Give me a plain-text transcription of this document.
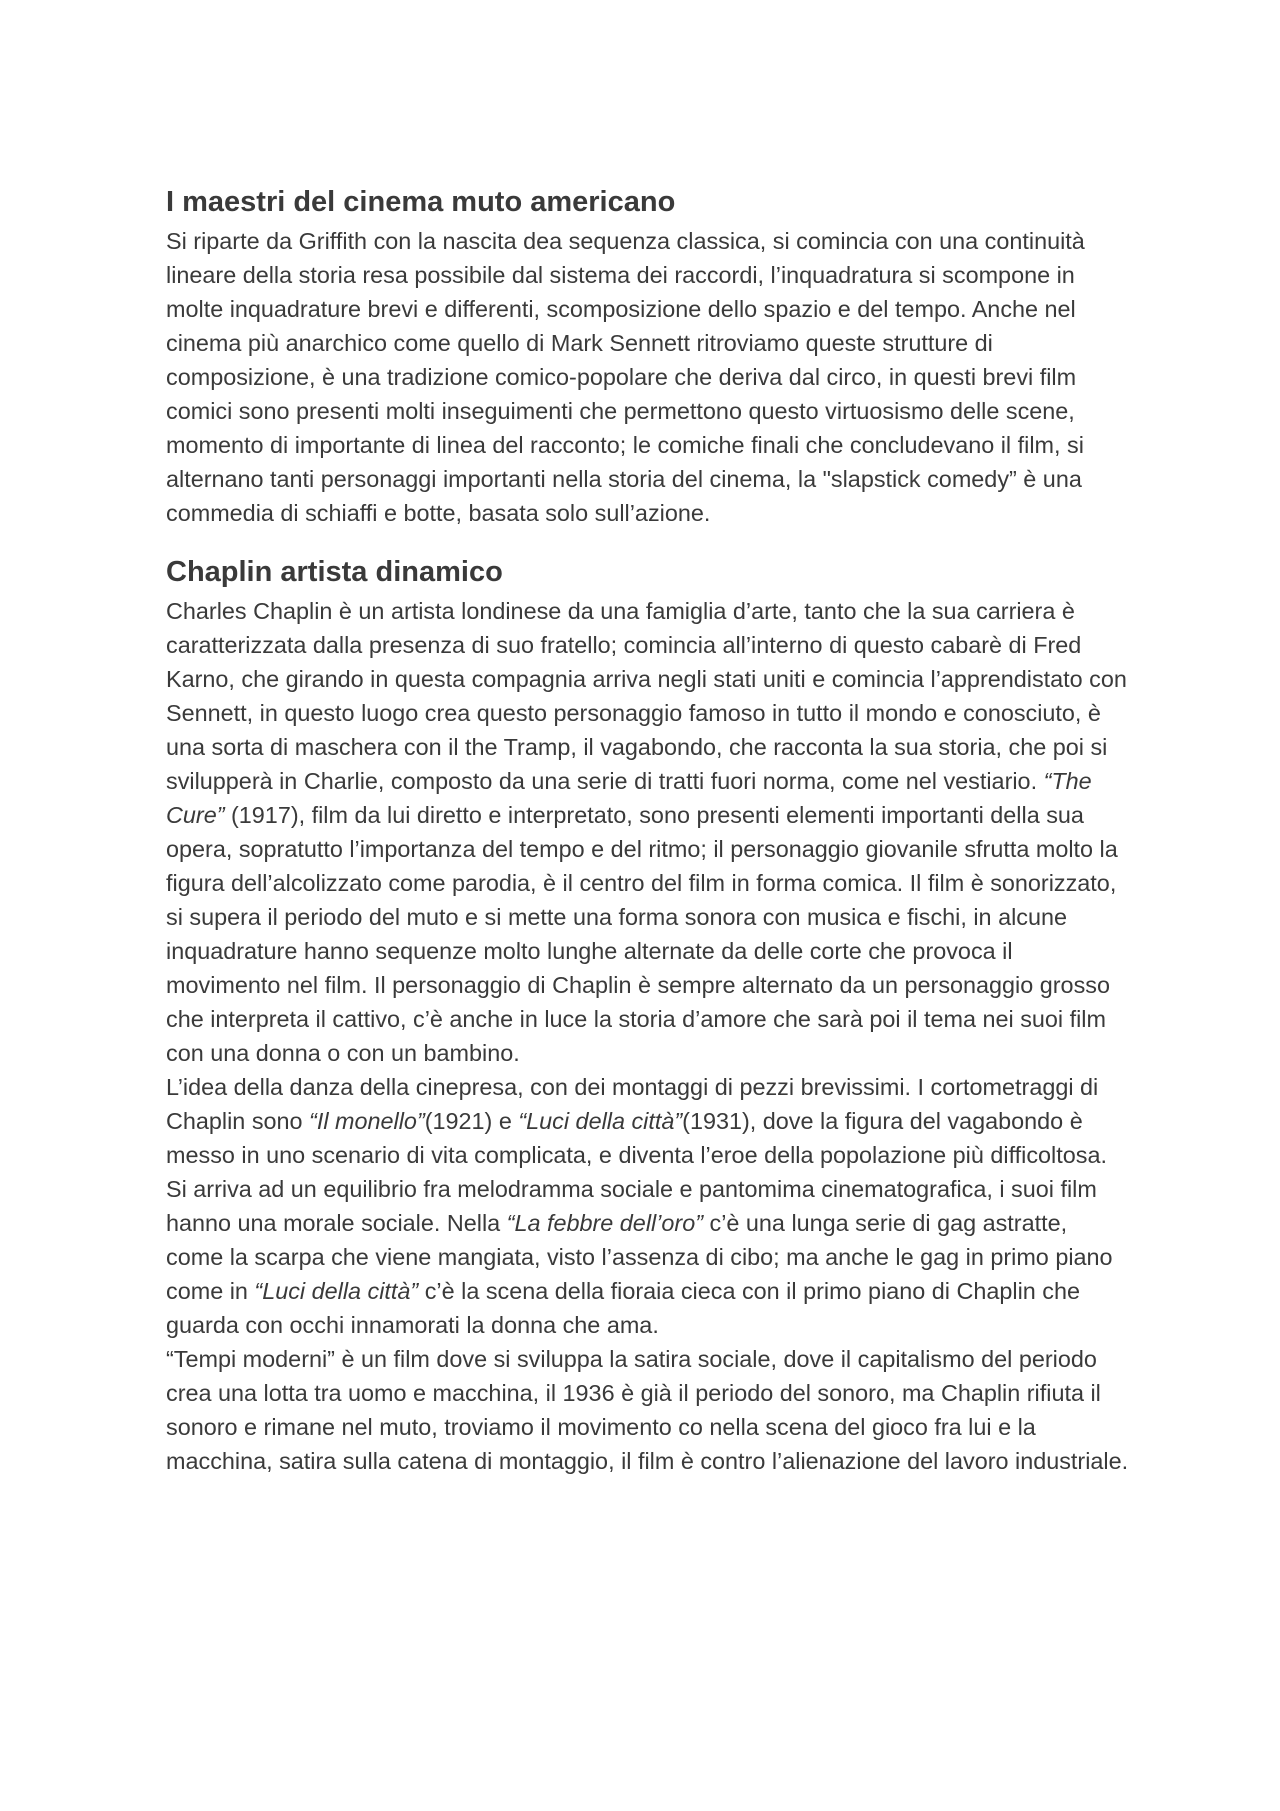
I maestri del cinema muto americano

Si riparte da Griffith con la nascita dea sequenza classica, si comincia con una continuità lineare della storia resa possibile dal sistema dei raccordi, l’inquadratura si scompone in molte inquadrature brevi e differenti, scomposizione dello spazio e del tempo. Anche nel cinema più anarchico come quello di Mark Sennett ritroviamo queste strutture di composizione, è una tradizione comico-popolare che deriva dal circo, in questi brevi film comici sono presenti molti inseguimenti che permettono questo virtuosismo delle scene, momento di importante di linea del racconto; le comiche finali che concludevano il film, si alternano tanti personaggi importanti nella storia del cinema, la "slapstick comedy” è una commedia di schiaffi e botte, basata solo sull’azione.

Chaplin artista dinamico

Charles Chaplin è un artista londinese da una famiglia d’arte, tanto che la sua carriera è caratterizzata dalla presenza di suo fratello; comincia all’interno di questo cabarè di Fred Karno, che girando in questa compagnia arriva negli stati uniti e comincia l’apprendistato con Sennett, in questo luogo crea questo personaggio famoso in tutto il mondo e conosciuto, è una sorta di maschera con il the Tramp, il vagabondo, che racconta la sua storia, che poi si svilupperà in Charlie, composto da una serie di tratti fuori norma, come nel vestiario. “The Cure” (1917), film da lui diretto e interpretato, sono presenti elementi importanti della sua opera, sopratutto l’importanza del tempo e del ritmo; il personaggio giovanile sfrutta molto la figura dell’alcolizzato come parodia, è il centro del film in forma comica. Il film è sonorizzato, si supera il periodo del muto e si mette una forma sonora con musica e fischi, in alcune inquadrature hanno sequenze molto lunghe alternate da delle corte che provoca il movimento nel film. Il personaggio di Chaplin è sempre alternato da un personaggio grosso che interpreta il cattivo, c’è anche in luce la storia d’amore che sarà poi il tema nei suoi film con una donna o con un bambino.

L’idea della danza della cinepresa, con dei montaggi di pezzi brevissimi. I cortometraggi di Chaplin sono “Il monello”(1921) e “Luci della città”(1931), dove la figura del vagabondo è messo in uno scenario di vita complicata, e diventa l’eroe della popolazione più difficoltosa. Si arriva ad un equilibrio fra melodramma sociale e pantomima cinematografica, i suoi film hanno una morale sociale. Nella “La febbre dell’oro” c’è una lunga serie di gag astratte, come la scarpa che viene mangiata, visto l’assenza di cibo; ma anche le gag in primo piano come in “Luci della città” c’è la scena della fioraia cieca con il primo piano di Chaplin che guarda con occhi innamorati la donna che ama.

“Tempi moderni” è un film dove si sviluppa la satira sociale, dove il capitalismo del periodo crea una lotta tra uomo e macchina, il 1936 è già il periodo del sonoro, ma Chaplin rifiuta il sonoro e rimane nel muto, troviamo il movimento co nella scena del gioco fra lui e la macchina, satira sulla catena di montaggio, il film è contro l’alienazione del lavoro industriale.
